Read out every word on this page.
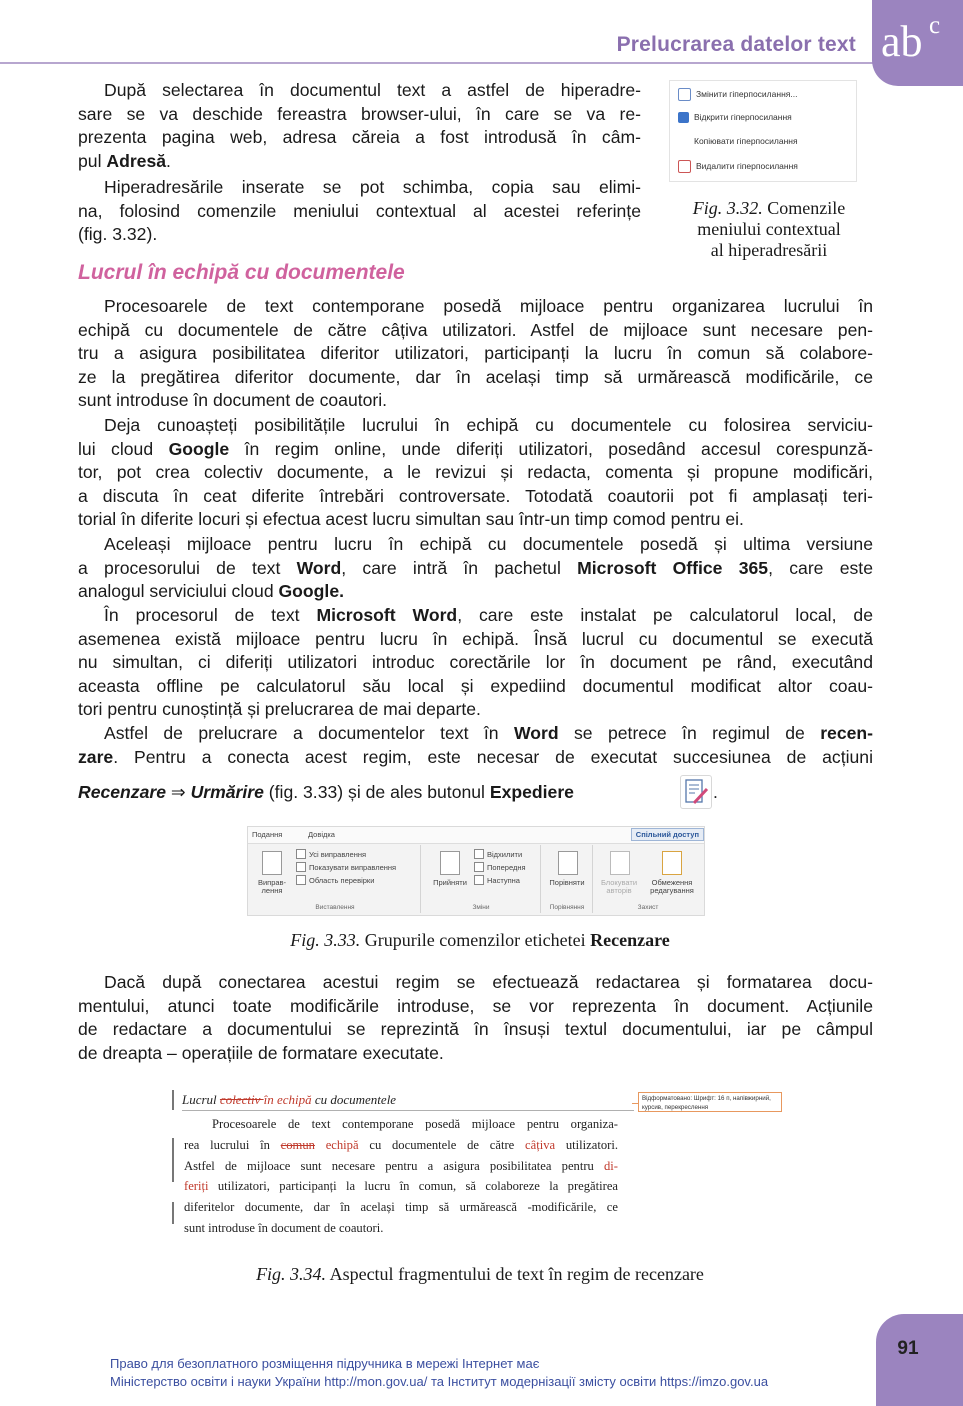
Prelucrarea datelor text ab c
După selectarea în documentul text a astfel de hiperadre-
sare se va deschide fereastra browser-ului, în care se va re-
prezenta pagina web, adresa căreia a fost introdusă în câm-
pul Adresă.
Hiperadresările inserate se pot schimba, copia sau elimi-
na, folosind comenzile meniului contextual al acestei referințe
(fig. 3.32).
Змінити гіперпосилання...
Відкрити гіперпосилання
Копіювати гіперпосилання
Видалити гіперпосилання
Fig. 3.32. Comenzile
meniului contextual
al hiperadresării
Lucrul în echipă cu documentele
Procesoarele de text contemporane posedă mijloace pentru organizarea lucrului în
echipă cu documentele de către câțiva utilizatori. Astfel de mijloace sunt necesare pen-
tru a asigura posibilitatea diferitor utilizatori, participanți la lucru în comun să colabore-
ze la pregătirea diferitor documente, dar în același timp să urmărească modificările, ce
sunt introduse în document de coautori.
Deja cunoașteți posibilitățile lucrului în echipă cu documentele cu folosirea serviciu-
lui cloud Google în regim online, unde diferiți utilizatori, posedând accesul corespunză-
tor, pot crea colectiv documente, a le revizui și redacta, comenta și propune modificări,
a discuta în ceat diferite întrebări controversate. Totodată coautorii pot fi amplasați teri-
torial în diferite locuri și efectua acest lucru simultan sau într-un timp comod pentru ei.
Aceleași mijloace pentru lucru în echipă cu documentele posedă și ultima versiune
a procesorului de text Word, care intră în pachetul Microsoft Office 365, care este
analogul serviciului cloud Google.
În procesorul de text Microsoft Word, care este instalat pe calculatorul local, de
asemenea există mijloace pentru lucru în echipă. Însă lucrul cu documentul se execută
nu simultan, ci diferiți utilizatori introduc corectările lor în document pe rând, executând
aceasta offline pe calculatorul său local și expediind documentul modificat altor coau-
tori pentru cunoștință și prelucrarea de mai departe.
Astfel de prelucrare a documentelor text în Word se petrece în regimul de recen-
zare. Pentru a conecta acest regim, este necesar de executat succesiunea de acțiuni
Recenzare ⇒ Urmărire (fig. 3.33) și de ales butonul Expediere	.
Подання	Довідка	Спільний доступ
Виправ-лення
Усі виправлення
Показувати виправлення
Область перевірки
Виставлення
Прийняти
Відхилити
Попередня
Наступна
Зміни
Порівняти
Порівняння
Блокувати авторів
Обмеження редагування
Захист
Fig. 3.33. Grupurile comenzilor etichetei Recenzare
Dacă după conectarea acestui regim se efectuează redactarea și formatarea docu-
mentului, atunci toate modificările introduse, se vor reprezenta în document. Acțiunile
de redactare a documentului se reprezintă în însuși textul documentului, iar pe câmpul
de dreapta – operațiile de formatare executate.
Lucrul colectiv în echipă cu documentele	Відформатовано: Шрифт: 16 п, напівжирний, курсив, перекреслення
Procesoarele de text contemporane posedă mijloace pentru organiza-
rea lucrului în comun echipă cu documentele de către câțiva utilizatori.
Astfel de mijloace sunt necesare pentru a asigura posibilitatea pentru di-
feriți utilizatori, participanți la lucru în comun, să colaboreze la pregătirea
diferitelor documente, dar în același timp să urmărească -modificările, ce
sunt introduse în document de coautori.
Fig. 3.34. Aspectul fragmentului de text în regim de recenzare
91
Право для безоплатного розміщення підручника в мережі Інтернет має
Міністерство освіти і науки України http://mon.gov.ua/ та Інститут модернізації змісту освіти https://imzo.gov.ua
